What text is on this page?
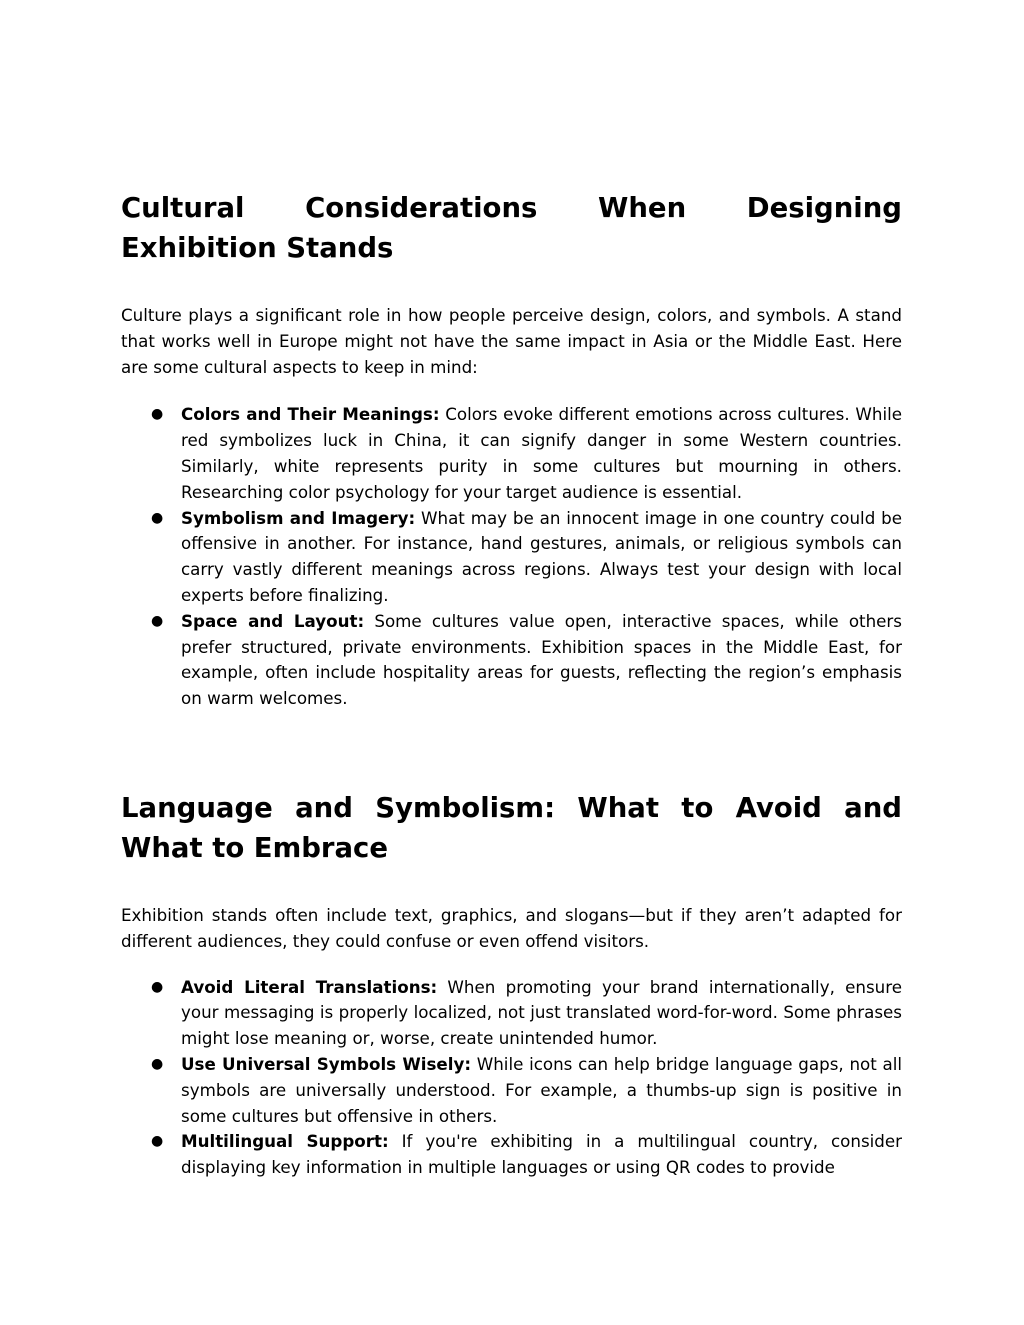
Cultural Considerations When Designing Exhibition Stands

Culture plays a significant role in how people perceive design, colors, and symbols. A stand that works well in Europe might not have the same impact in Asia or the Middle East. Here are some cultural aspects to keep in mind:

● Colors and Their Meanings: Colors evoke different emotions across cultures. While red symbolizes luck in China, it can signify danger in some Western countries. Similarly, white represents purity in some cultures but mourning in others. Researching color psychology for your target audience is essential.
● Symbolism and Imagery: What may be an innocent image in one country could be offensive in another. For instance, hand gestures, animals, or religious symbols can carry vastly different meanings across regions. Always test your design with local experts before finalizing.
● Space and Layout: Some cultures value open, interactive spaces, while others prefer structured, private environments. Exhibition spaces in the Middle East, for example, often include hospitality areas for guests, reflecting the region’s emphasis on warm welcomes.
Language and Symbolism: What to Avoid and What to Embrace

Exhibition stands often include text, graphics, and slogans—but if they aren’t adapted for different audiences, they could confuse or even offend visitors.

● Avoid Literal Translations: When promoting your brand internationally, ensure your messaging is properly localized, not just translated word-for-word. Some phrases might lose meaning or, worse, create unintended humor.
● Use Universal Symbols Wisely: While icons can help bridge language gaps, not all symbols are universally understood. For example, a thumbs-up sign is positive in some cultures but offensive in others.
● Multilingual Support: If you're exhibiting in a multilingual country, consider displaying key information in multiple languages or using QR codes to provide
